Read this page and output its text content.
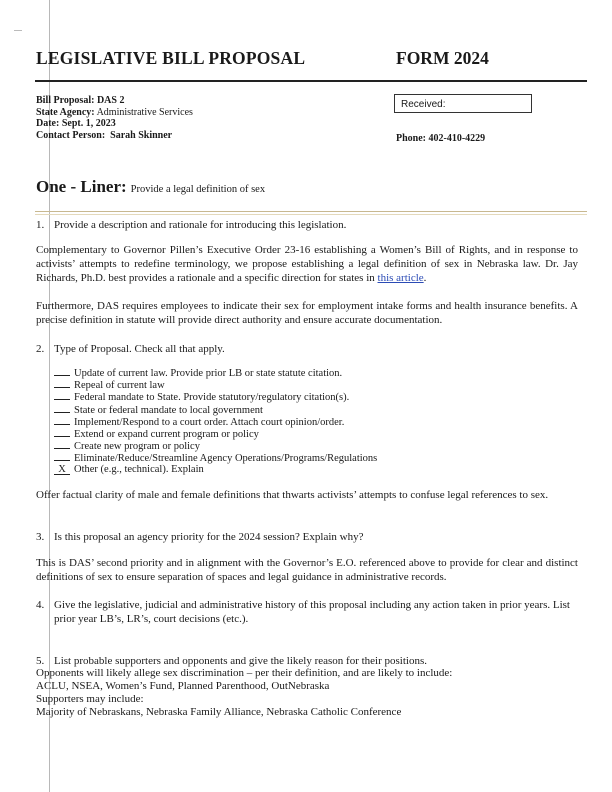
LEGISLATIVE BILL PROPOSAL	FORM 2024
Bill Proposal: DAS 2
State Agency: Administrative Services
Date: Sept. 1, 2023
Contact Person: Sarah Skinner
Received:
Phone: 402-410-4229
One - Liner: Provide a legal definition of sex
1. Provide a description and rationale for introducing this legislation.
Complementary to Governor Pillen’s Executive Order 23-16 establishing a Women’s Bill of Rights, and in response to activists’ attempts to redefine terminology, we propose establishing a legal definition of sex in Nebraska law. Dr. Jay Richards, Ph.D. best provides a rationale and a specific direction for states in this article.
Furthermore, DAS requires employees to indicate their sex for employment intake forms and health insurance benefits. A precise definition in statute will provide direct authority and ensure accurate documentation.
2. Type of Proposal. Check all that apply.
Update of current law. Provide prior LB or state statute citation.
Repeal of current law
Federal mandate to State. Provide statutory/regulatory citation(s).
State or federal mandate to local government
Implement/Respond to a court order. Attach court opinion/order.
Extend or expand current program or policy
Create new program or policy
Eliminate/Reduce/Streamline Agency Operations/Programs/Regulations
X Other (e.g., technical). Explain
Offer factual clarity of male and female definitions that thwarts activists’ attempts to confuse legal references to sex.
3. Is this proposal an agency priority for the 2024 session? Explain why?
This is DAS’ second priority and in alignment with the Governor’s E.O. referenced above to provide for clear and distinct definitions of sex to ensure separation of spaces and legal guidance in administrative records.
4. Give the legislative, judicial and administrative history of this proposal including any action taken in prior years. List prior year LB’s, LR’s, court decisions (etc.).
5. List probable supporters and opponents and give the likely reason for their positions.
Opponents will likely allege sex discrimination – per their definition, and are likely to include:
ACLU, NSEA, Women’s Fund, Planned Parenthood, OutNebraska
Supporters may include:
Majority of Nebraskans, Nebraska Family Alliance, Nebraska Catholic Conference
